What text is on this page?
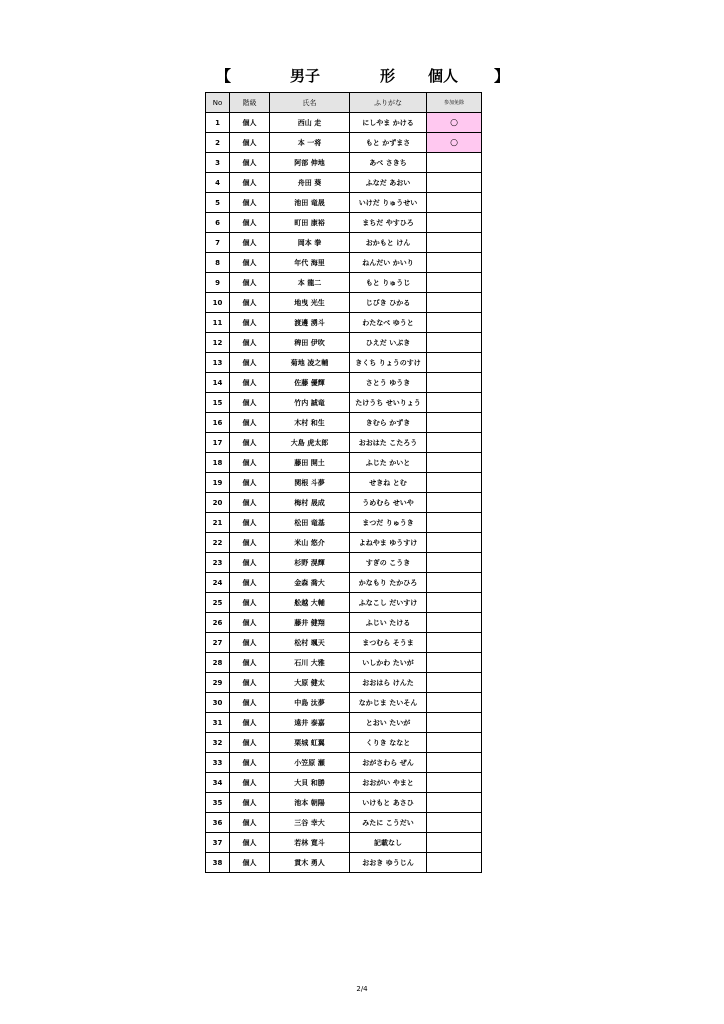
【	男子	形 個人 】
No	階級	氏名	ふりがな	参加免除
1	個人	西山 走	にしやま かける	○
2	個人	本 一将	もと かずまさ	○
3	個人	阿部 伸地	あべ さきち	
4	個人	舟田 葵	ふなだ あおい	
5	個人	池田 竜晟	いけだ りゅうせい	
6	個人	町田 康裕	まちだ やすひろ	
7	個人	岡本 拳	おかもと けん	
8	個人	年代 海里	ねんだい かいり	
9	個人	本 龍二	もと りゅうじ	
10	個人	地曳 光生	じびき ひかる	
11	個人	渡邊 湧斗	わたなべ ゆうと	
12	個人	稗田 伊吹	ひえだ いぶき	
13	個人	菊地 凌之輔	きくち りょうのすけ	
14	個人	佐藤 優輝	さとう ゆうき	
15	個人	竹内 誠竜	たけうち せいりょう	
16	個人	木村 和生	きむら かずき	
17	個人	大島 虎太郎	おおはた こたろう	
18	個人	藤田 開土	ふじた かいと	
19	個人	関根 斗夢	せきね とむ	
20	個人	梅村 晟成	うめむら せいや	
21	個人	松田 竜基	まつだ りゅうき	
22	個人	米山 悠介	よねやま ゆうすけ	
23	個人	杉野 滉輝	すぎの こうき	
24	個人	金森 喬大	かなもり たかひろ	
25	個人	舩越 大輔	ふなこし だいすけ	
26	個人	藤井 健翔	ふじい たける	
27	個人	松村 颯天	まつむら そうま	
28	個人	石川 大雅	いしかわ たいが	
29	個人	大原 健太	おおはら けんた	
30	個人	中島 汰夢	なかじま たいそん	
31	個人	遠井 泰嘉	とおい たいが	
32	個人	栗城 虹翼	くりき ななと	
33	個人	小笠原 瀬	おがさわら ぜん	
34	個人	大貝 和勝	おおがい やまと	
35	個人	池本 朝陽	いけもと あさひ	
36	個人	三谷 幸大	みたに こうだい	
37	個人	若林 寛斗	記載なし	
38	個人	貫木 勇人	おおき ゆうじん	
2/4
